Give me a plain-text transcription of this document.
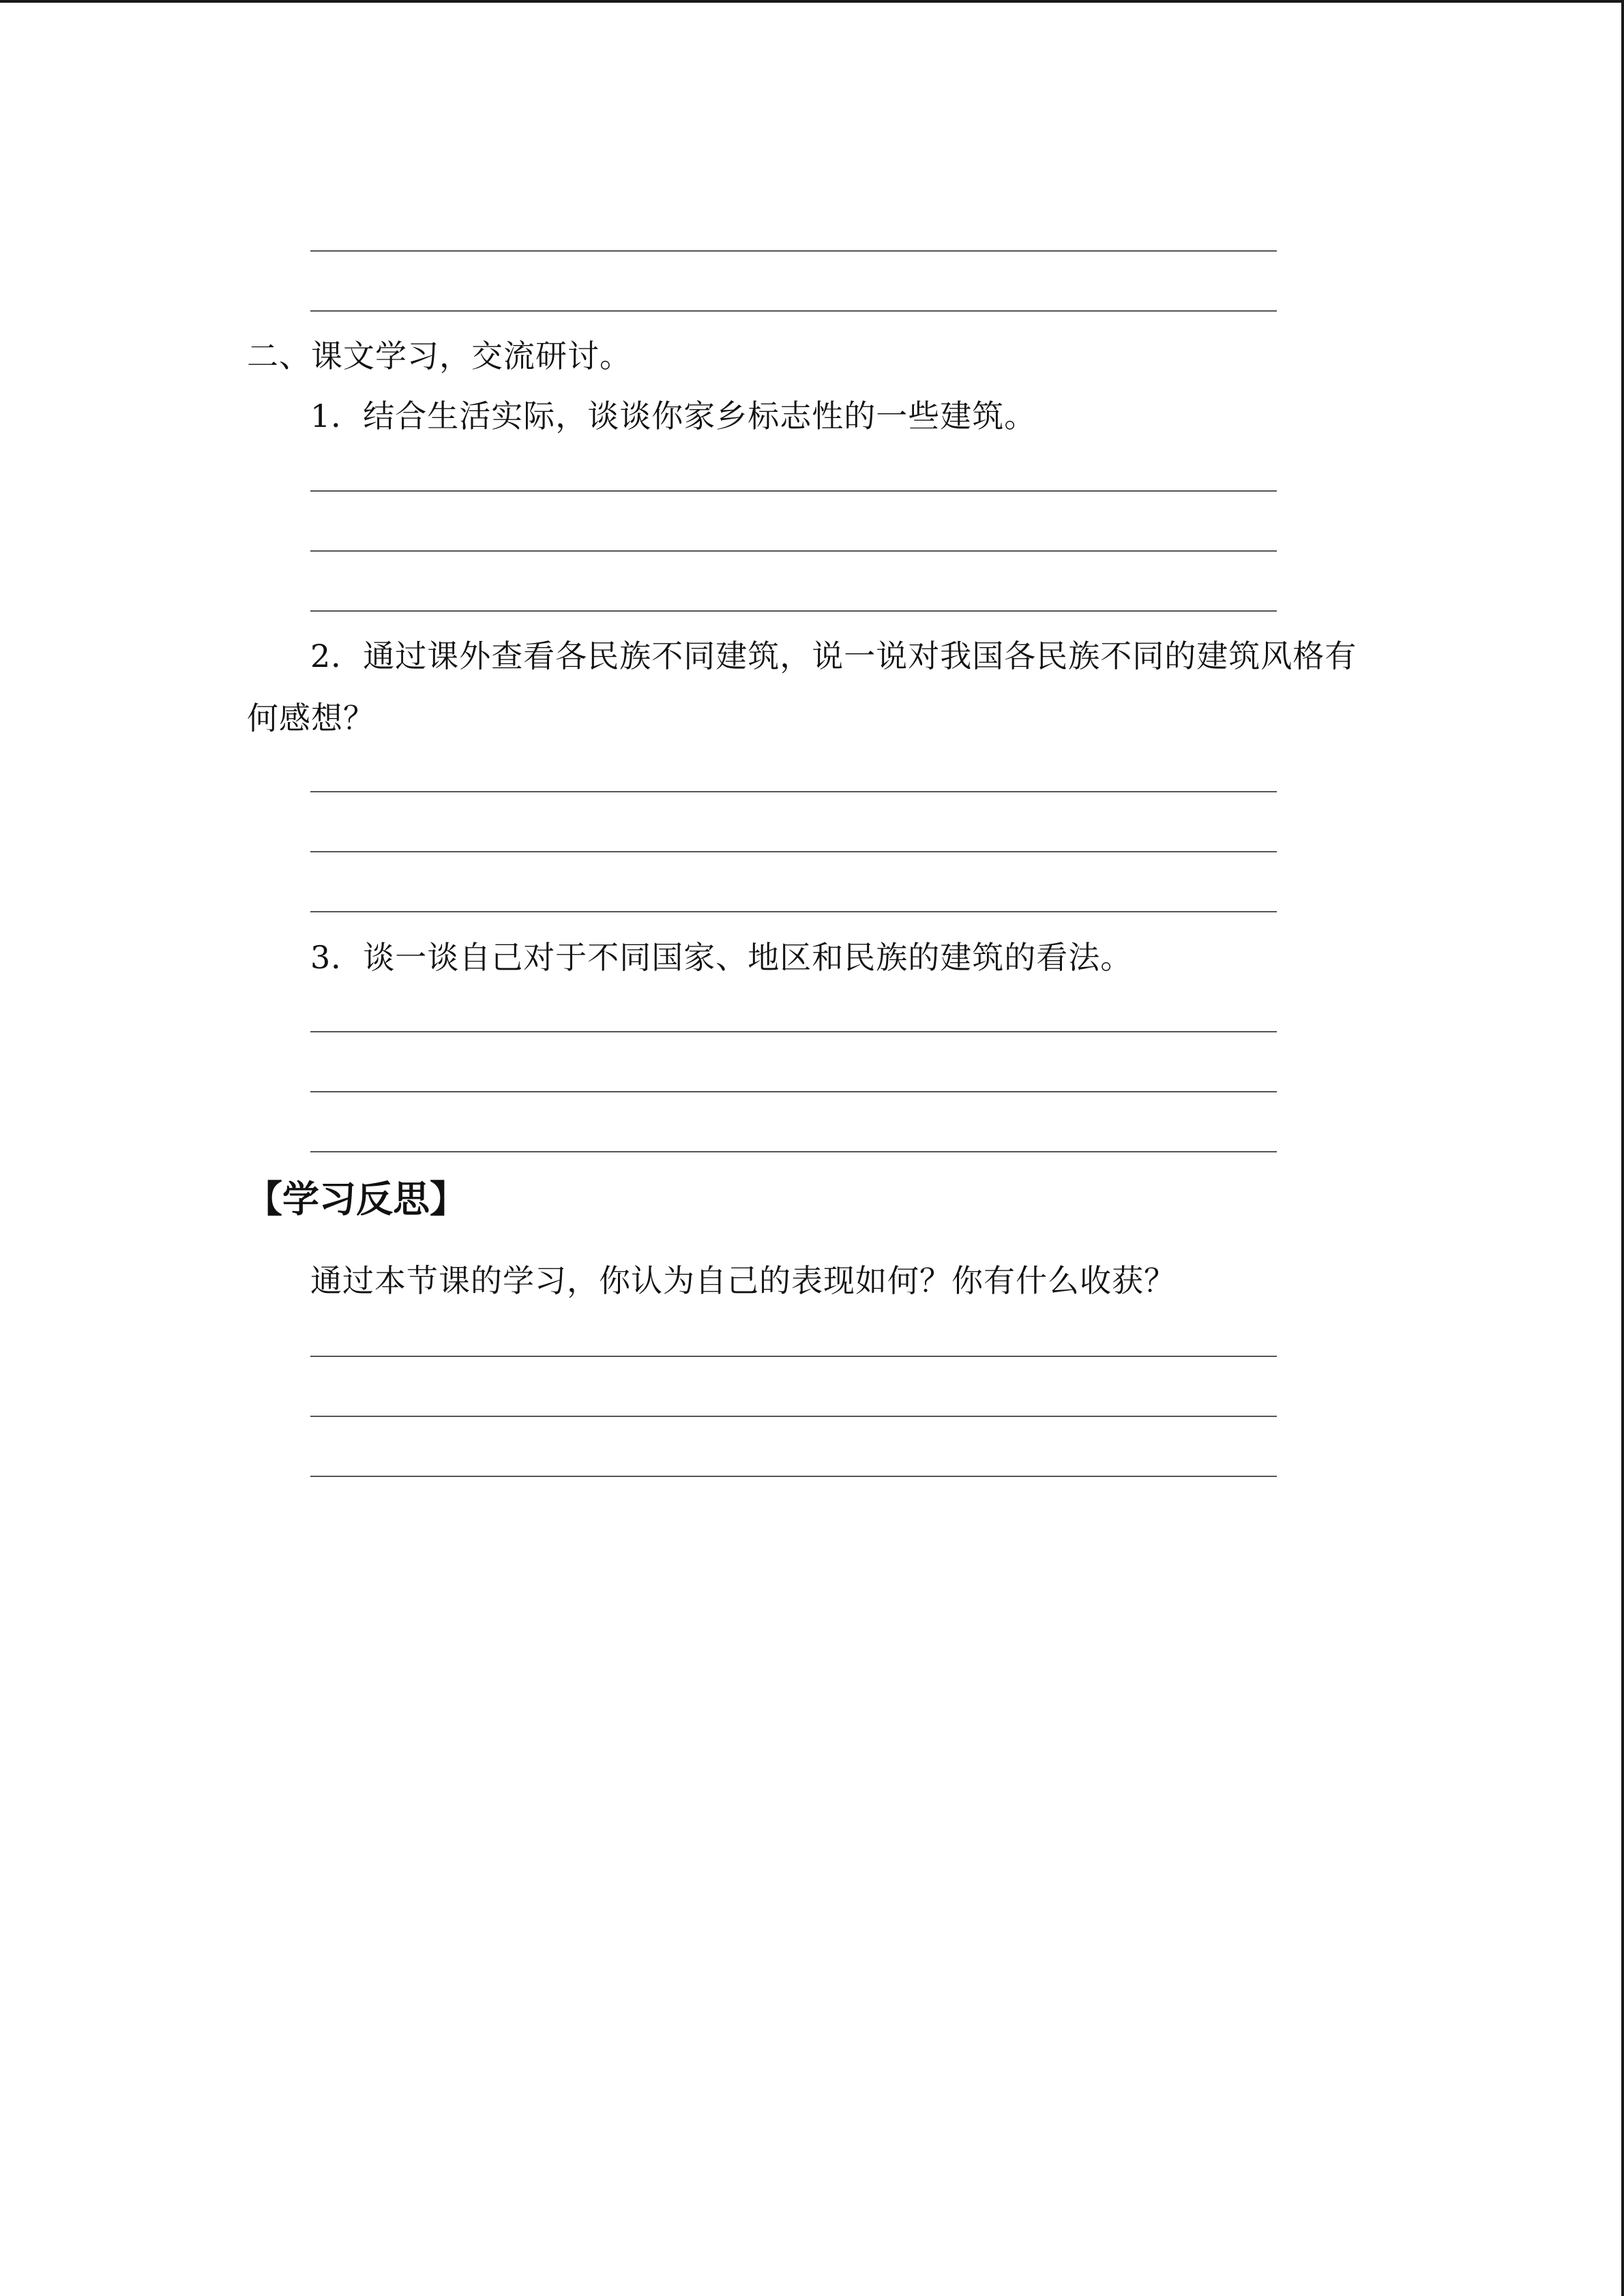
二、课文学习，交流研讨。
1．结合生活实际，谈谈你家乡标志性的一些建筑。
2．通过课外查看各民族不同建筑，说一说对我国各民族不同的建筑风格有
何感想？
3．谈一谈自己对于不同国家、地区和民族的建筑的看法。
【学习反思】
通过本节课的学习，你认为自己的表现如何？你有什么收获？
